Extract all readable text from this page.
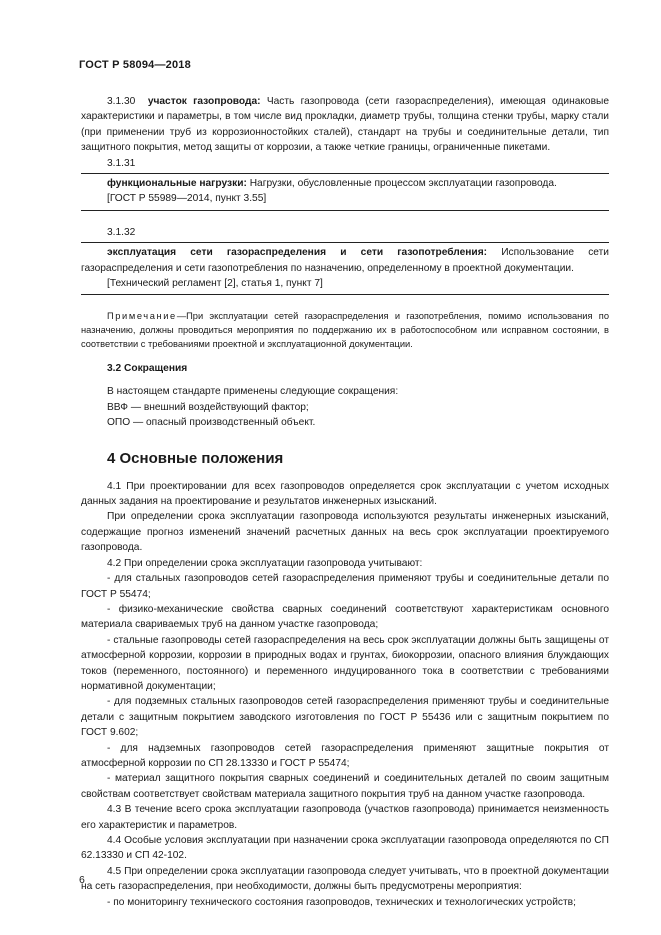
ГОСТ Р 58094—2018

3.1.30 участок газопровода: Часть газопровода (сети газораспределения), имеющая одинаковые характеристики и параметры, в том числе вид прокладки, диаметр трубы, толщина стенки трубы, марку стали (при применении труб из коррозионностойких сталей), стандарт на трубы и соединительные детали, тип защитного покрытия, метод защиты от коррозии, а также четкие границы, ограниченные пикетами.

3.1.31

функциональные нагрузки: Нагрузки, обусловленные процессом эксплуатации газопровода.

[ГОСТ Р 55989—2014, пункт 3.55]

3.1.32

эксплуатация сети газораспределения и сети газопотребления: Использование сети газораспределения и сети газопотребления по назначению, определенному в проектной документации.

[Технический регламент [2], статья 1, пункт 7]

Примечание—При эксплуатации сетей газораспределения и газопотребления, помимо использования по назначению, должны проводиться мероприятия по поддержанию их в работоспособном или исправном состоянии, в соответствии с требованиями проектной и эксплуатационной документации.

3.2 Сокращения

В настоящем стандарте применены следующие сокращения:

ВВФ — внешний воздействующий фактор;

ОПО — опасный производственный объект.

4 Основные положения

4.1 При проектировании для всех газопроводов определяется срок эксплуатации с учетом исходных данных задания на проектирование и результатов инженерных изысканий.

При определении срока эксплуатации газопровода используются результаты инженерных изысканий, содержащие прогноз изменений значений расчетных данных на весь срок эксплуатации проектируемого газопровода.

4.2 При определении срока эксплуатации газопровода учитывают:

- для стальных газопроводов сетей газораспределения применяют трубы и соединительные детали по ГОСТ Р 55474;

- физико-механические свойства сварных соединений соответствуют характеристикам основного материала свариваемых труб на данном участке газопровода;

- стальные газопроводы сетей газораспределения на весь срок эксплуатации должны быть защищены от атмосферной коррозии, коррозии в природных водах и грунтах, биокоррозии, опасного влияния блуждающих токов (переменного, постоянного) и переменного индуцированного тока в соответствии с требованиями нормативной документации;

- для подземных стальных газопроводов сетей газораспределения применяют трубы и соединительные детали с защитным покрытием заводского изготовления по ГОСТ Р 55436 или с защитным покрытием по ГОСТ 9.602;

- для надземных газопроводов сетей газораспределения применяют защитные покрытия от атмосферной коррозии по СП 28.13330 и ГОСТ Р 55474;

- материал защитного покрытия сварных соединений и соединительных деталей по своим защитным свойствам соответствует свойствам материала защитного покрытия труб на данном участке газопровода.

4.3 В течение всего срока эксплуатации газопровода (участков газопровода) принимается неизменность его характеристик и параметров.

4.4 Особые условия эксплуатации при назначении срока эксплуатации газопровода определяются по СП 62.13330 и СП 42-102.

4.5 При определении срока эксплуатации газопровода следует учитывать, что в проектной документации на сеть газораспределения, при необходимости, должны быть предусмотрены мероприятия:

- по мониторингу технического состояния газопроводов, технических и технологических устройств;

6
